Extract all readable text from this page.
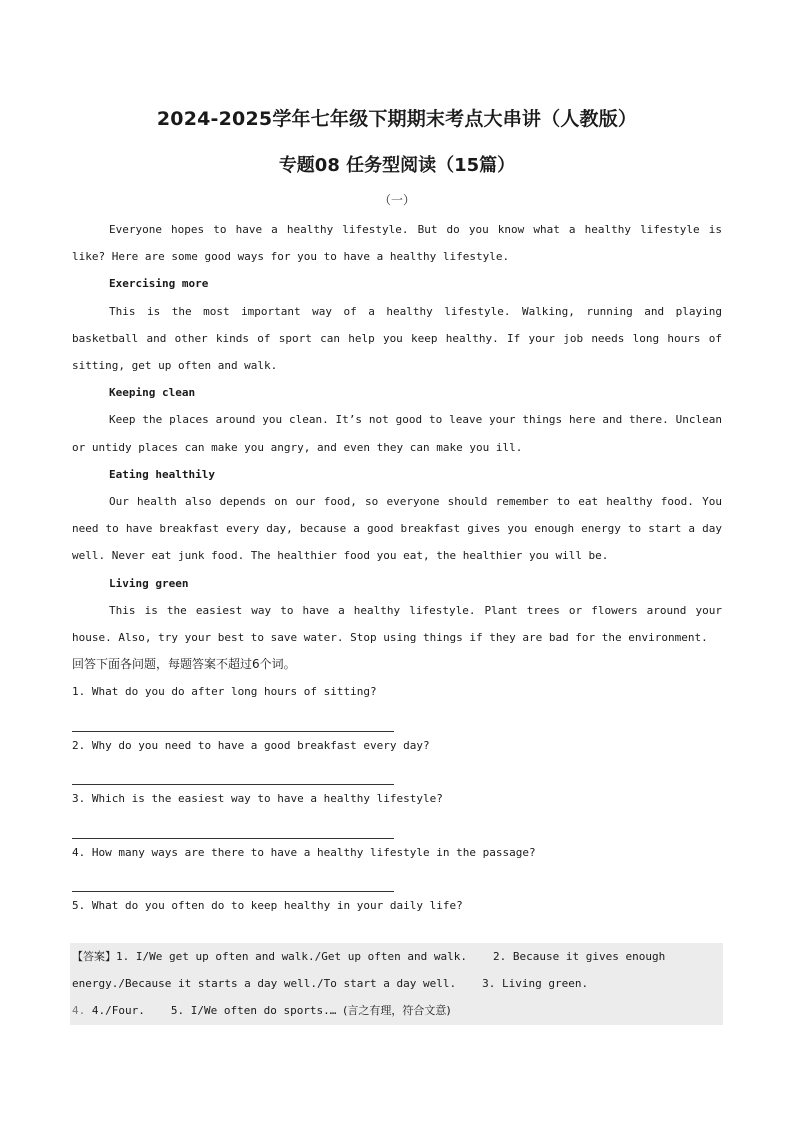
2024-2025学年七年级下期期末考点大串讲（人教版）
专题08 任务型阅读（15篇）
（一）

Everyone hopes to have a healthy lifestyle. But do you know what a healthy lifestyle is like? Here are some good ways for you to have a healthy lifestyle.

Exercising more

This is the most important way of a healthy lifestyle. Walking, running and playing basketball and other kinds of sport can help you keep healthy. If your job needs long hours of sitting, get up often and walk.

Keeping clean

Keep the places around you clean. It’s not good to leave your things here and there. Unclean or untidy places can make you angry, and even they can make you ill.

Eating healthily

Our health also depends on our food, so everyone should remember to eat healthy food. You need to have breakfast every day, because a good breakfast gives you enough energy to start a day well. Never eat junk food. The healthier food you eat, the healthier you will be.

Living green

This is the easiest way to have a healthy lifestyle. Plant trees or flowers around your house. Also, try your best to save water. Stop using things if they are bad for the environment.

回答下面各问题，每题答案不超过6个词。

1. What do you do after long hours of sitting?

2. Why do you need to have a good breakfast every day?

3. Which is the easiest way to have a healthy lifestyle?

4. How many ways are there to have a healthy lifestyle in the passage?

5. What do you often do to keep healthy in your daily life?

【答案】1. I/We get up often and walk./Get up often and walk. 2. Because it gives enough

energy./Because it starts a day well./To start a day well. 3. Living green.

4. 4./Four. 5. I/We often do sports.… (言之有理，符合文意)
